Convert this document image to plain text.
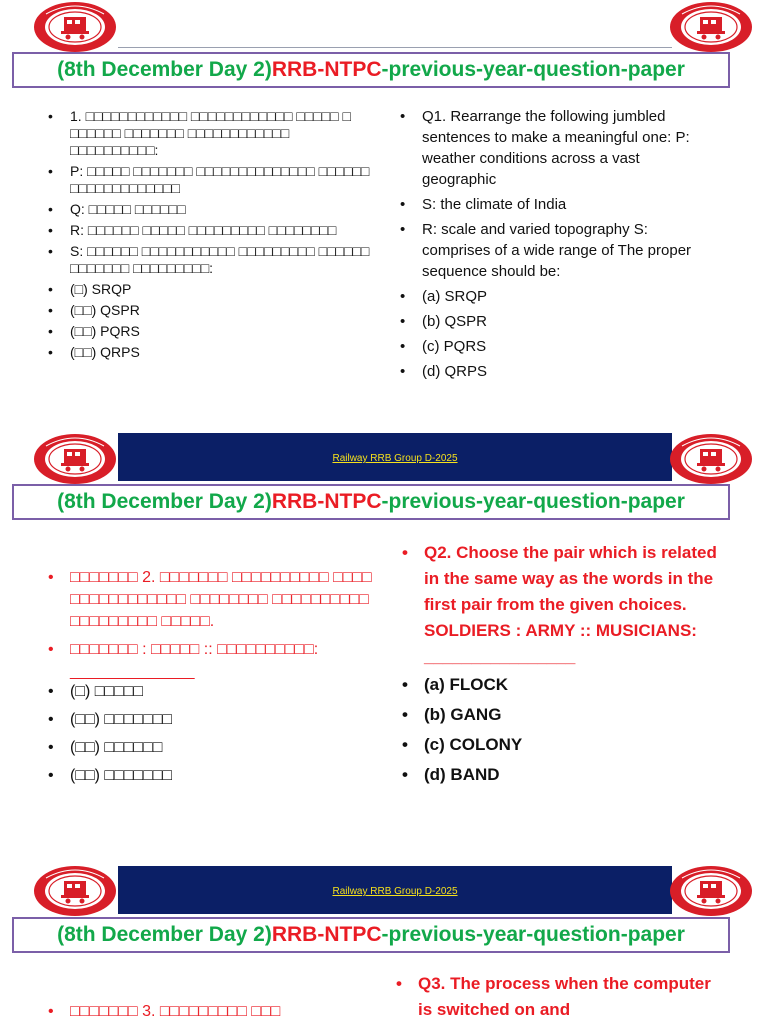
(8th December Day 2)RRB-NTPC-previous-year-question-paper
• 1. □□□□□□□□□□□□ □□□□□□□□□□□□ □□□□□ □ □□□□□□ □□□□□□□ □□□□□□□□□□□□ □□□□□□□□□□:
• P: □□□□□ □□□□□□□ □□□□□□□□□□□□□□ □□□□□□ □□□□□□□□□□□□□
• Q: □□□□□ □□□□□□
• R: □□□□□□ □□□□□ □□□□□□□□□ □□□□□□□□
• S: □□□□□□ □□□□□□□□□□□ □□□□□□□□□ □□□□□□ □□□□□□□ □□□□□□□□□:
• (□) SRQP
• (□□) QSPR
• (□□) PQRS
• (□□) QRPS
• Q1. Rearrange the following jumbled sentences to make a meaningful one: P: weather conditions across a vast geographic
• S: the climate of India
• R: scale and varied topography S: comprises of a wide range of The proper sequence should be:
• (a) SRQP
• (b) QSPR
• (c) PQRS
• (d) QRPS
Railway RRB Group D-2025
(8th December Day 2)RRB-NTPC-previous-year-question-paper
• □□□□□□□ 2. □□□□□□□ □□□□□□□□□□ □□□□ □□□□□□□□□□□□ □□□□□□□□ □□□□□□□□□□ □□□□□□□□□ □□□□□.
• □□□□□□□ : □□□□□ :: □□□□□□□□□□: ______________
• (□) □□□□□
• (□□) □□□□□□□
• (□□) □□□□□□
• (□□) □□□□□□□
• Q2. Choose the pair which is related in the same way as the words in the first pair from the given choices. SOLDIERS : ARMY :: MUSICIANS: ________________
• (a) FLOCK
• (b) GANG
• (c) COLONY
• (d) BAND
Railway RRB Group D-2025
(8th December Day 2)RRB-NTPC-previous-year-question-paper
• □□□□□□□ 3. □□□□□□□□□ □□□
• Q3. The process when the computer is switched on and
